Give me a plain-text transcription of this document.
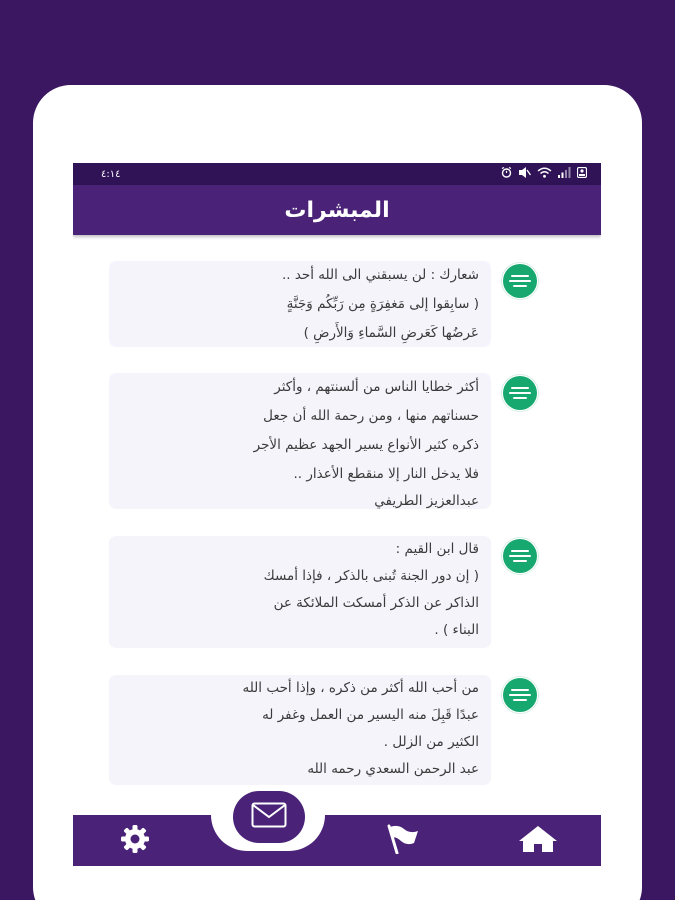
٤:١٤
المبشرات
شعارك : لن يسبقني الى الله أحد ..
( سابِقوا إلى مَغفِرَةٍ مِن رَبِّكُم وَجَنَّةٍ
عَرضُها كَعَرضِ السَّماءِ وَالأَرضِ )
أكثر خطايا الناس من ألسنتهم ، وأكثر
حسناتهم منها ، ومن رحمة الله أن جعل
ذكره كثير الأنواع يسير الجهد عظيم الأجر
فلا يدخل النار إلا منقطع الأعذار ..
عبدالعزيز الطريفي
قال ابن القيم :
( إن دور الجنة تُبنى بالذكر ، فإذا أمسك
الذاكر عن الذكر أمسكت الملائكة عن
البناء ) .
من أحب الله أكثر من ذكره ، وإذا أحب الله
عبدًا قَبِلَ منه اليسير من العمل وغفر له
الكثير من الزلل .
عبد الرحمن السعدي رحمه الله
